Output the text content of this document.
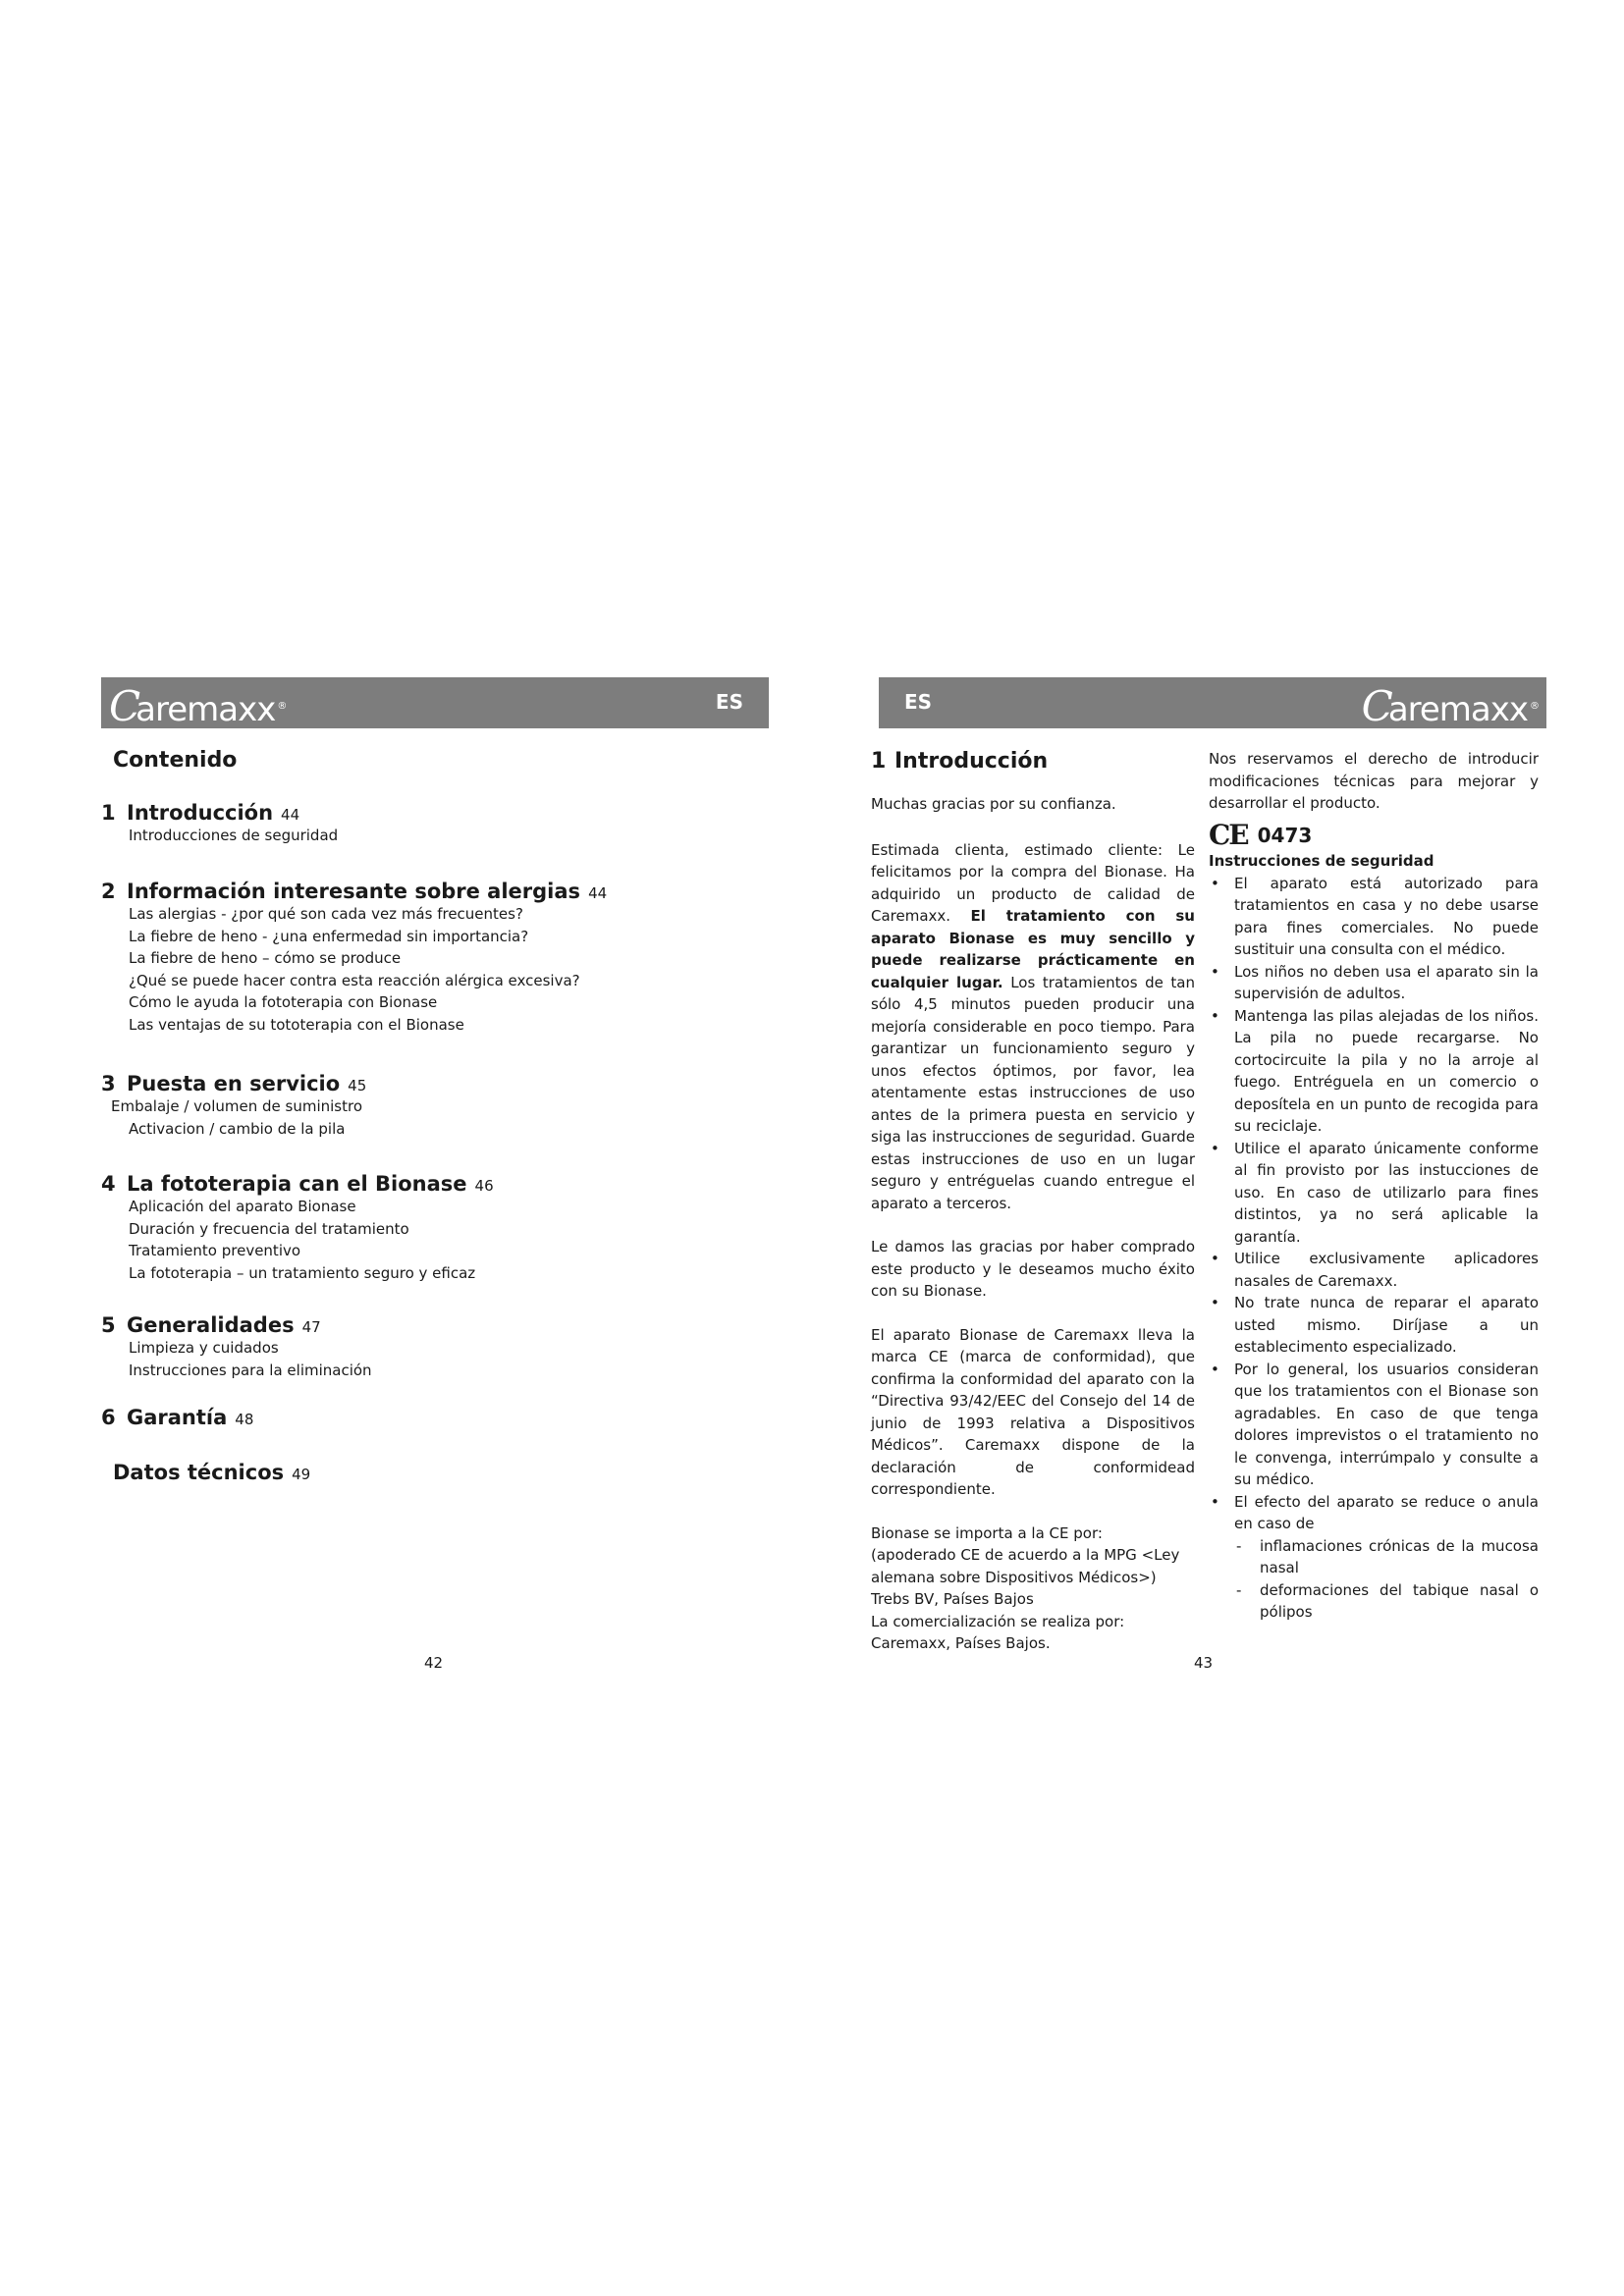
Caremaxx ®	ES
Contenido
1 Introducción 44
Introducciones de seguridad
2 Información interesante sobre alergias 44
Las alergias - ¿por qué son cada vez más frecuentes?
La fiebre de heno - ¿una enfermedad sin importancia?
La fiebre de heno – cómo se produce
¿Qué se puede hacer contra esta reacción alérgica excesiva?
Cómo le ayuda la fototerapia con Bionase
Las ventajas de su tototerapia con el Bionase
3 Puesta en servicio 45
Embalaje / volumen de suministro
Activacion / cambio de la pila
4 La fototerapia can el Bionase 46
Aplicación del aparato Bionase
Duración y frecuencia del tratamiento
Tratamiento preventivo
La fototerapia – un tratamiento seguro y eficaz
5 Generalidades 47
Limpieza y cuidados
Instrucciones para la eliminación
6 Garantía 48
Datos técnicos 49
42
ES	Caremaxx ®
1 Introducción

Muchas gracias por su confianza.

Estimada clienta, estimado cliente: Le felicitamos por la compra del Bionase. Ha adquirido un producto de calidad de Caremaxx. El tratamiento con su aparato Bionase es muy sencillo y puede realizarse prácticamente en cualquier lugar. Los tratamientos de tan sólo 4,5 minutos pueden producir una mejoría considerable en poco tiempo. Para garantizar un funcionamiento seguro y unos efectos óptimos, por favor, lea atentamente estas instrucciones de uso antes de la primera puesta en servicio y siga las instrucciones de seguridad. Guarde estas instrucciones de uso en un lugar seguro y entréguelas cuando entregue el aparato a terceros.

Le damos las gracias por haber comprado este producto y le deseamos mucho éxito con su Bionase.

El aparato Bionase de Caremaxx lleva la marca CE (marca de conformidad), que confirma la conformidad del aparato con la “Directiva 93/42/EEC del Consejo del 14 de junio de 1993 relativa a Dispositivos Médicos”. Caremaxx dispone de la declaración de conformidead correspondiente.

Bionase se importa a la CE por:
(apoderado CE de acuerdo a la MPG <Ley alemana sobre Dispositivos Médicos>)
Trebs BV, Países Bajos
La comercialización se realiza por: Caremaxx, Países Bajos.

Nos reservamos el derecho de introducir modificaciones técnicas para mejorar y desarrollar el producto.

CE 0473

Instrucciones de seguridad

• El aparato está autorizado para tratamientos en casa y no debe usarse para fines comerciales. No puede sustituir una consulta con el médico.
• Los niños no deben usa el aparato sin la supervisión de adultos.
• Mantenga las pilas alejadas de los niños. La pila no puede recargarse. No cortocircuite la pila y no la arroje al fuego. Entréguela en un comercio o deposítela en un punto de recogida para su reciclaje.
• Utilice el aparato únicamente conforme al fin provisto por las instucciones de uso. En caso de utilizarlo para fines distintos, ya no será aplicable la garantía.
• Utilice exclusivamente aplicadores nasales de Caremaxx.
• No trate nunca de reparar el aparato usted mismo. Diríjase a un establecimento especializado.
• Por lo general, los usuarios consideran que los tratamientos con el Bionase son agradables. En caso de que tenga dolores imprevistos o el tratamiento no le convenga, interrúmpalo y consulte a su médico.
• El efecto del aparato se reduce o anula en caso de
- inflamaciones crónicas de la mucosa nasal
- deformaciones del tabique nasal o pólipos
43
